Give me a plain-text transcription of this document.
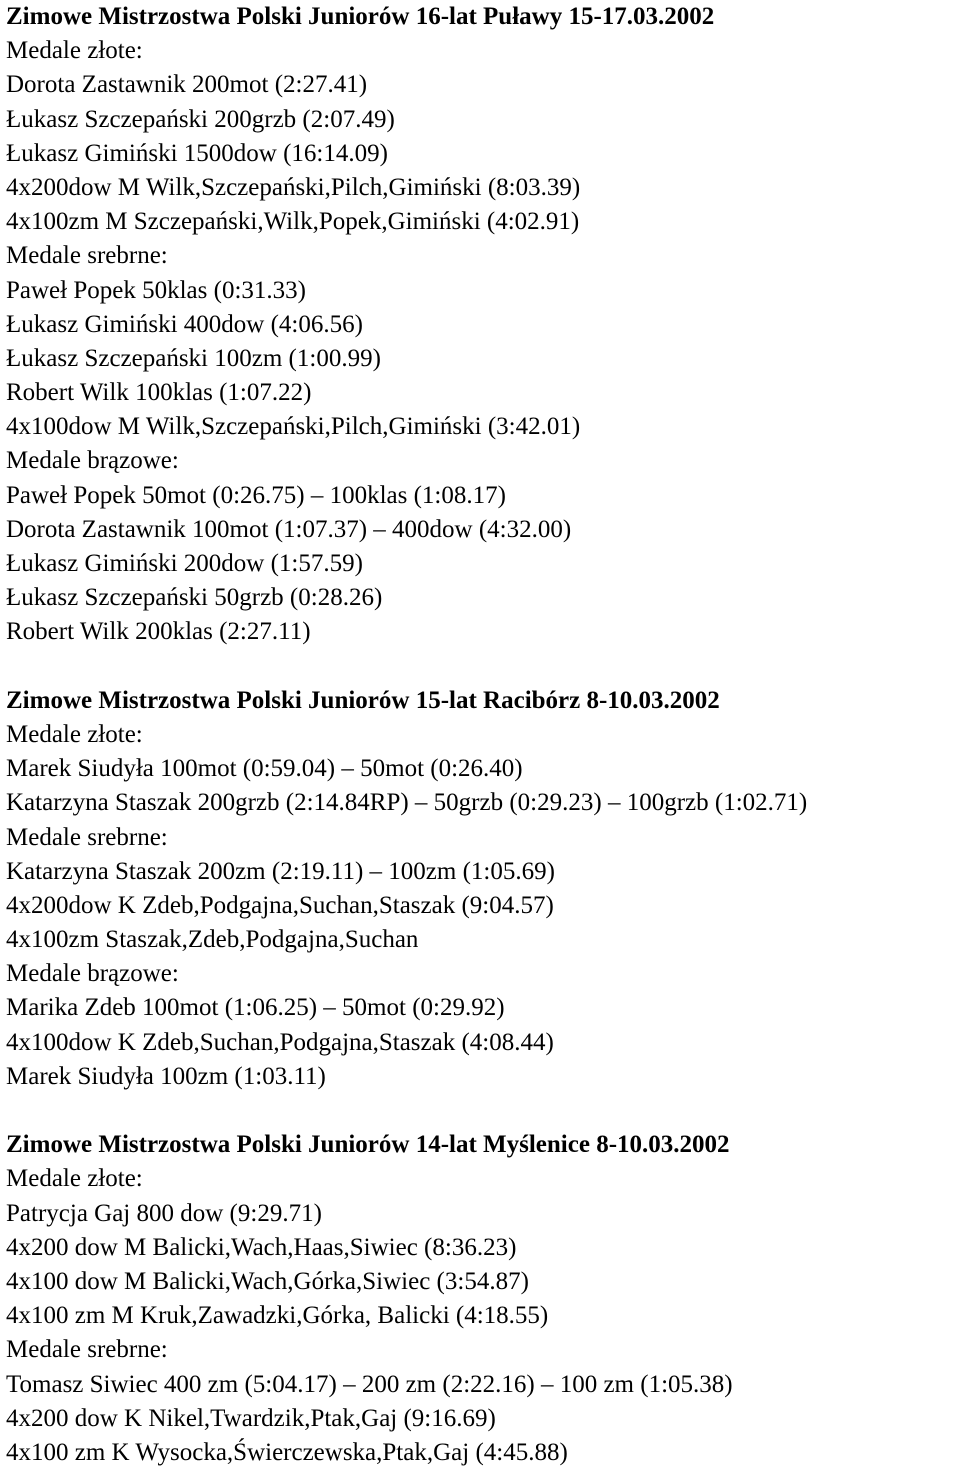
Zimowe Mistrzostwa Polski Juniorów 16-lat Puławy 15-17.03.2002
Medale złote:
Dorota Zastawnik 200mot (2:27.41)
Łukasz Szczepański 200grzb (2:07.49)
Łukasz Gimiński 1500dow (16:14.09)
4x200dow M Wilk,Szczepański,Pilch,Gimiński (8:03.39)
4x100zm M Szczepański,Wilk,Popek,Gimiński (4:02.91)
Medale srebrne:
Paweł Popek 50klas (0:31.33)
Łukasz Gimiński 400dow (4:06.56)
Łukasz Szczepański 100zm (1:00.99)
Robert Wilk 100klas (1:07.22)
4x100dow M Wilk,Szczepański,Pilch,Gimiński (3:42.01)
Medale brązowe:
Paweł Popek 50mot (0:26.75) – 100klas (1:08.17)
Dorota Zastawnik 100mot (1:07.37) – 400dow (4:32.00)
Łukasz Gimiński 200dow (1:57.59)
Łukasz Szczepański 50grzb (0:28.26)
Robert Wilk 200klas (2:27.11)
Zimowe Mistrzostwa Polski Juniorów 15-lat Racibórz 8-10.03.2002
Medale złote:
Marek Siudyła 100mot (0:59.04) – 50mot (0:26.40)
Katarzyna Staszak 200grzb (2:14.84RP) – 50grzb (0:29.23) – 100grzb (1:02.71)
Medale srebrne:
Katarzyna Staszak 200zm (2:19.11) – 100zm (1:05.69)
4x200dow K Zdeb,Podgajna,Suchan,Staszak (9:04.57)
4x100zm Staszak,Zdeb,Podgajna,Suchan
Medale brązowe:
Marika Zdeb 100mot (1:06.25) – 50mot (0:29.92)
4x100dow K Zdeb,Suchan,Podgajna,Staszak (4:08.44)
Marek Siudyła 100zm (1:03.11)
Zimowe Mistrzostwa Polski Juniorów 14-lat Myślenice 8-10.03.2002
Medale złote:
Patrycja Gaj 800 dow (9:29.71)
4x200 dow M Balicki,Wach,Haas,Siwiec (8:36.23)
4x100 dow M Balicki,Wach,Górka,Siwiec (3:54.87)
4x100 zm M Kruk,Zawadzki,Górka, Balicki (4:18.55)
Medale srebrne:
Tomasz Siwiec 400 zm (5:04.17) – 200 zm (2:22.16) – 100 zm (1:05.38)
4x200 dow K Nikel,Twardzik,Ptak,Gaj (9:16.69)
4x100 zm K Wysocka,Świerczewska,Ptak,Gaj (4:45.88)
